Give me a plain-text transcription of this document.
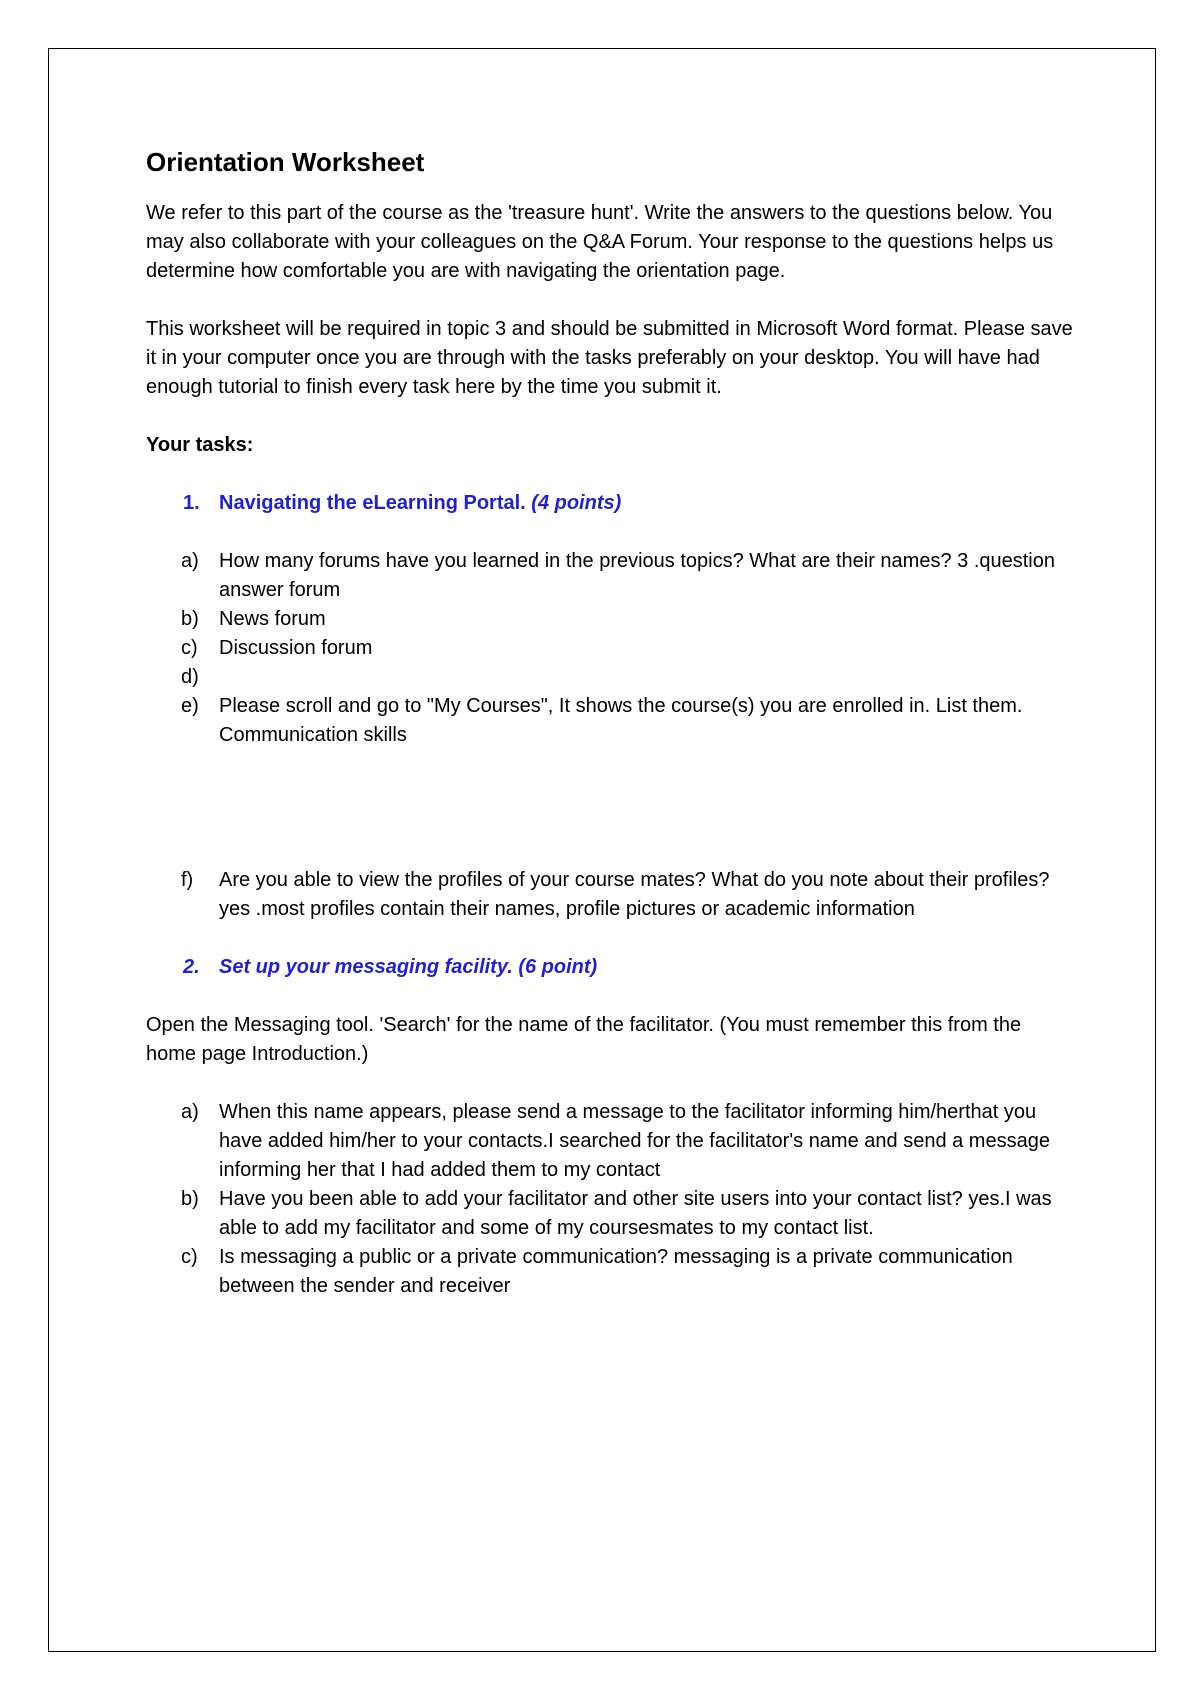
Orientation Worksheet

We refer to this part of the course as the 'treasure hunt'. Write the answers to the questions below. You may also collaborate with your colleagues on the Q&A Forum. Your response to the questions helps us determine how comfortable you are with navigating the orientation page.

This worksheet will be required in topic 3 and should be submitted in Microsoft Word format. Please save it in your computer once you are through with the tasks preferably on your desktop. You will have had enough tutorial to finish every task here by the time you submit it.

Your tasks:
1. Navigating the eLearning Portal. (4 points)
a)	How many forums have you learned in the previous topics? What are their names? 3 .question answer forum
b)	News forum
c)	Discussion forum
d)
e)	Please scroll and go to "My Courses", It shows the course(s) you are enrolled in. List them. Communication skills
f)	Are you able to view the profiles of your course mates? What do you note about their profiles?yes .most profiles contain their names, profile pictures or academic information
2. Set up your messaging facility. (6 point)

Open the Messaging tool. 'Search' for the name of the facilitator. (You must remember this from the home page Introduction.)

a)	When this name appears, please send a message to the facilitator informing him/herthat you have added him/her to your contacts.I searched for the facilitator's name and send a message informing her that I had added them to my contact
b)	Have you been able to add your facilitator and other site users into your contact list? yes.I was able to add my facilitator and some of my coursesmates to my contact list.
c)	Is messaging a public or a private communication? messaging is a private communication between the sender and receiver
